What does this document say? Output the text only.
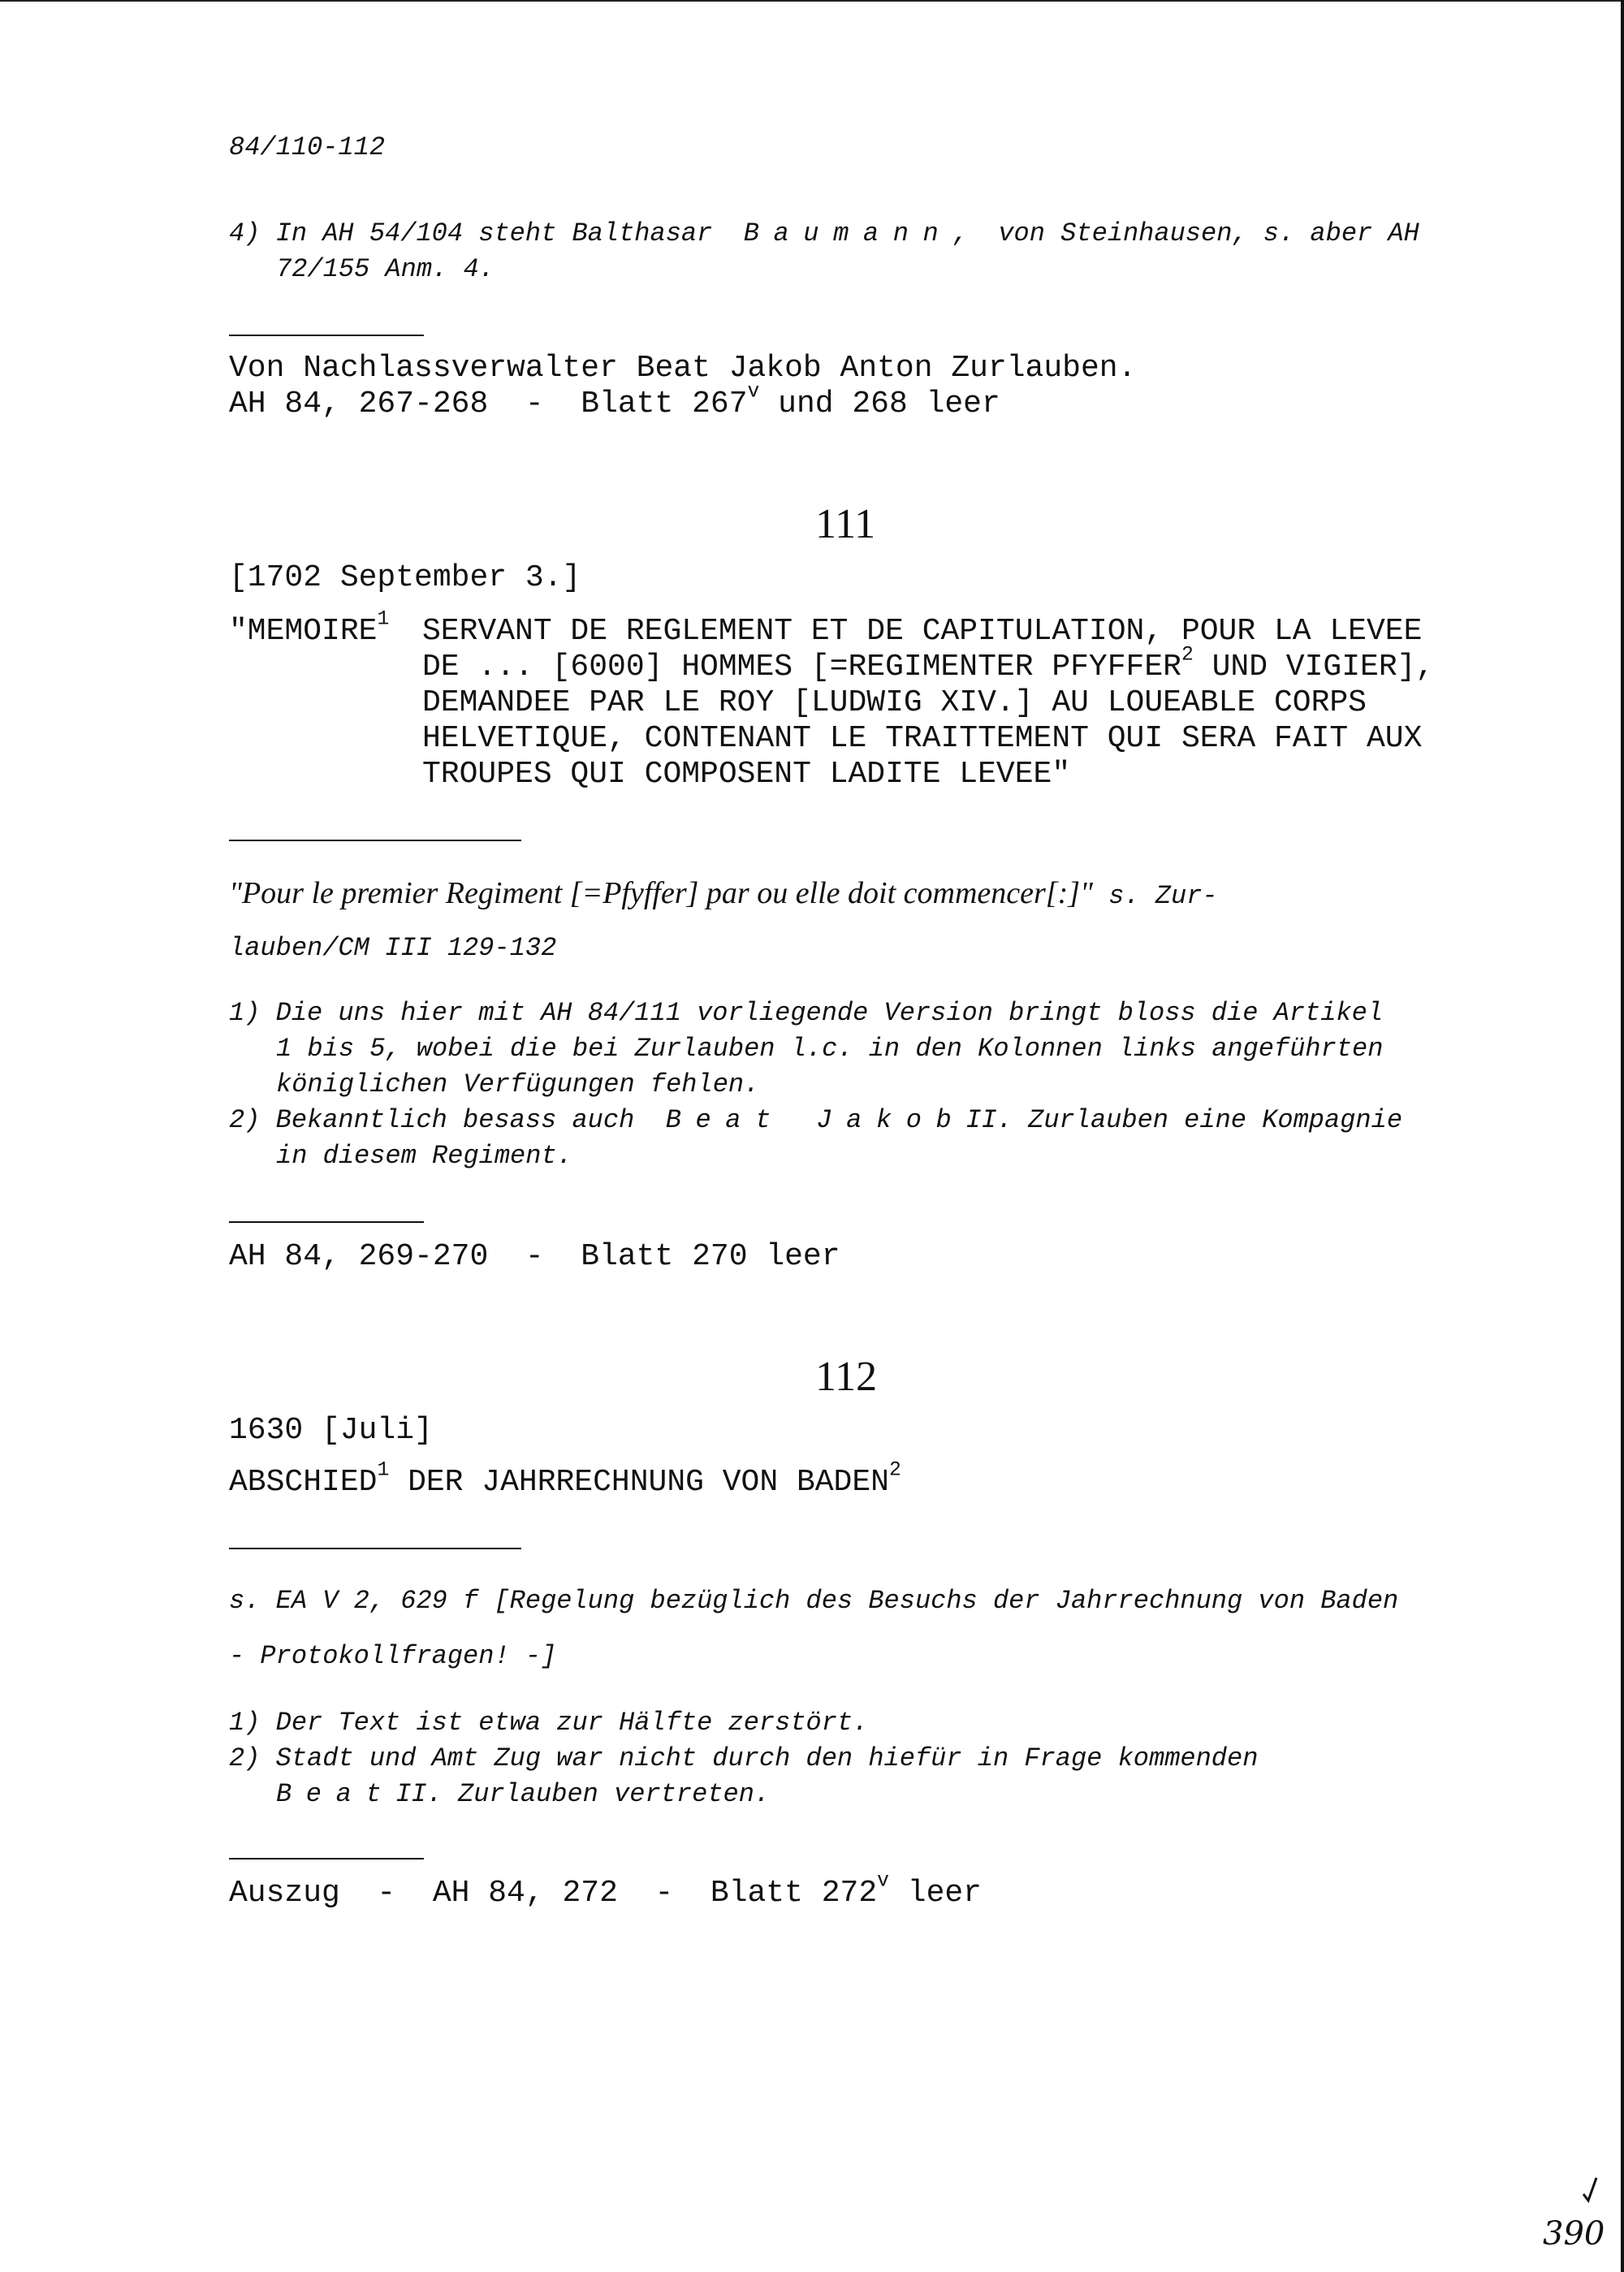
84/110-112
4) In AH 54/104 steht Balthasar Baumann, von Steinhausen, s. aber AH
72/155 Anm. 4.
Von Nachlassverwalter Beat Jakob Anton Zurlauben.
AH 84, 267-268  -  Blatt 267$^v$ und 268 leer
111
[1702 September 3.]
"MEMOIRE$^1$ SERVANT DE REGLEMENT ET DE CAPITULATION, POUR LA LEVEE
DE ... [6000] HOMMES [=REGIMENTER PFYFFER$^2$ UND VIGIER],
DEMANDEE PAR LE ROY [LUDWIG XIV.] AU LOUEABLE CORPS
HELVETIQUE, CONTENANT LE TRAITTEMENT QUI SERA FAIT AUX
TROUPES QUI COMPOSENT LADITE LEVEE"
"Pour le premier Regiment [=Pfyffer] par ou elle doit commencer[:]" s. Zur-
lauben/CM III 129-132
1) Die uns hier mit AH 84/111 vorliegende Version bringt bloss die Artikel
1 bis 5, wobei die bei Zurlauben l.c. in den Kolonnen links angeführten
königlichen Verfügungen fehlen.
2) Bekanntlich besass auch Beat JakobII. Zurlauben eine Kompagnie
in diesem Regiment.
AH 84, 269-270  -  Blatt 270 leer
112
1630 [Juli]
ABSCHIED$^1$ DER JAHRRECHNUNG VON BADEN$^2$
s. EA V 2, 629 f [Regelung bezüglich des Besuchs der Jahrrechnung von Baden
- Protokollfragen! -]
1) Der Text ist etwa zur Hälfte zerstört.
2) Stadt und Amt Zug war nicht durch den hiefür in Frage kommenden
BeatII. Zurlauben vertreten.
Auszug  -  AH 84, 272  -  Blatt 272$^v$ leer
390
